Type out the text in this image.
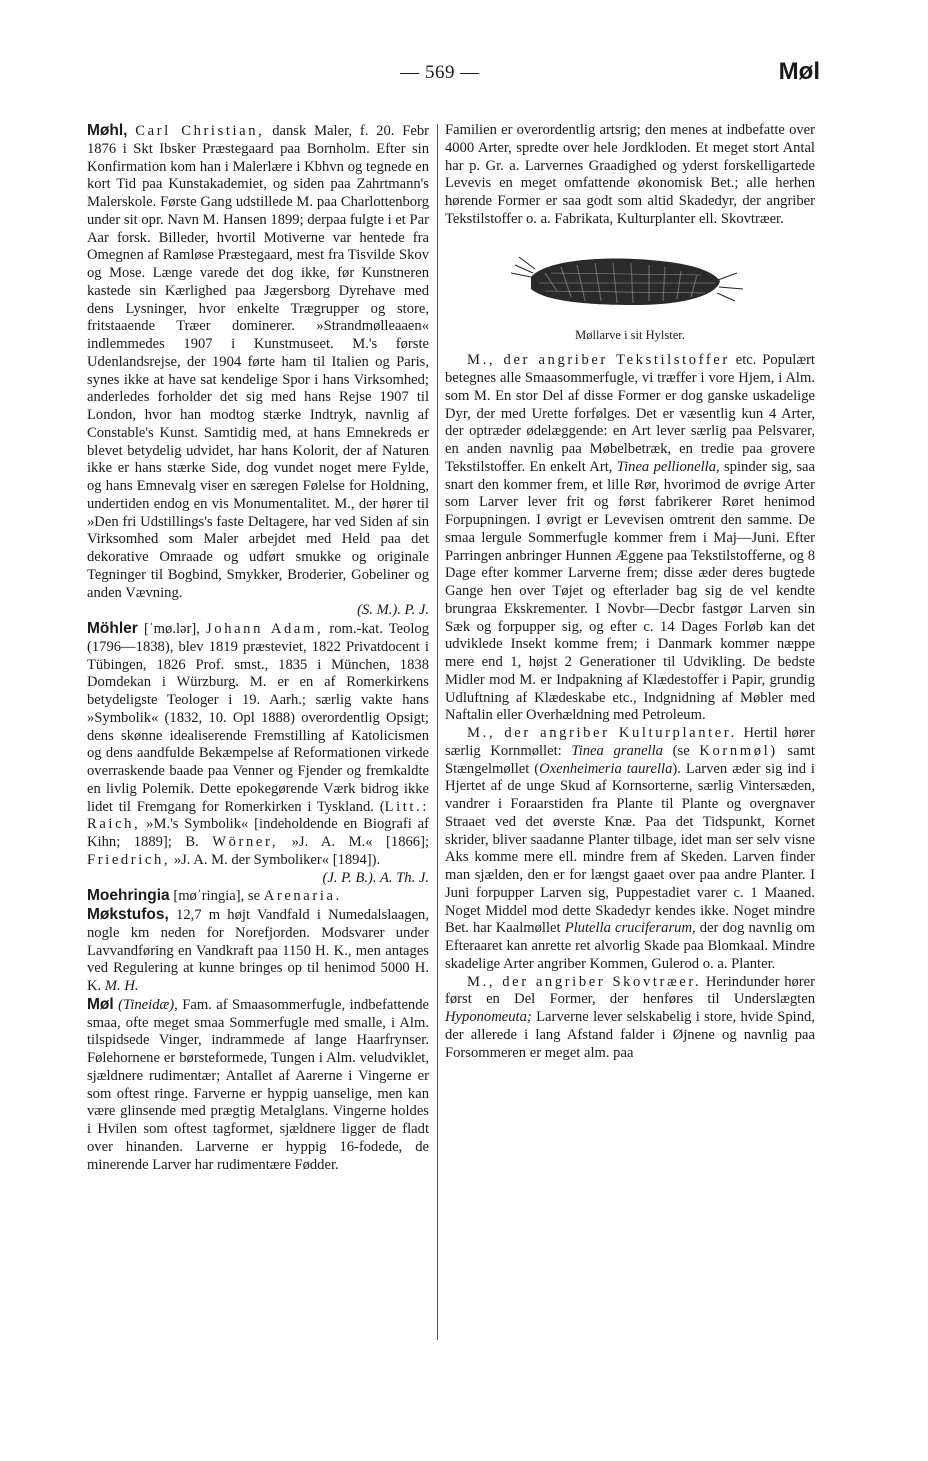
— 569 —	Møl

Møhl, Carl Christian, dansk Maler, f. 20. Febr 1876 i Skt Ibsker Præstegaard paa Bornholm. Efter sin Konfirmation kom han i Malerlære i Kbhvn og tegnede en kort Tid paa Kunstakademiet, og siden paa Zahrtmann's Malerskole. Første Gang udstillede M. paa Charlottenborg under sit opr. Navn M. Hansen 1899; derpaa fulgte i et Par Aar forsk. Billeder, hvortil Motiverne var hentede fra Omegnen af Ramløse Præstegaard, mest fra Tisvilde Skov og Mose. Længe varede det dog ikke, før Kunstneren kastede sin Kærlighed paa Jægersborg Dyrehave med dens Lysninger, hvor enkelte Trægrupper og store, fritstaaende Træer dominerer. »Strandmølleaaen« indlemmedes 1907 i Kunstmuseet. M.'s første Udenlandsrejse, der 1904 førte ham til Italien og Paris, synes ikke at have sat kendelige Spor i hans Virksomhed; anderledes forholder det sig med hans Rejse 1907 til London, hvor han modtog stærke Indtryk, navnlig af Constable's Kunst. Samtidig med, at hans Emnekreds er blevet betydelig udvidet, har hans Kolorit, der af Naturen ikke er hans stærke Side, dog vundet noget mere Fylde, og hans Emnevalg viser en særegen Følelse for Holdning, undertiden endog en vis Monumentalitet. M., der hører til »Den fri Udstillings's faste Deltagere, har ved Siden af sin Virksomhed som Maler arbejdet med Held paa det dekorative Omraade og udført smukke og originale Tegninger til Bogbind, Smykker, Broderier, Gobeliner og anden Vævning.

(S. M.). P. J.

Möhler [ˈmø.lər], Johann Adam, rom.-kat. Teolog (1796—1838), blev 1819 præsteviet, 1822 Privatdocent i Tübingen, 1826 Prof. smst., 1835 i München, 1838 Domdekan i Würzburg. M. er en af Romerkirkens betydeligste Teologer i 19. Aarh.; særlig vakte hans »Symbolik« (1832, 10. Opl 1888) overordentlig Opsigt; dens skønne idealiserende Fremstilling af Katolicismen og dens aandfulde Bekæmpelse af Reformationen virkede overraskende baade paa Venner og Fjender og fremkaldte en livlig Polemik. Dette epokegørende Værk bidrog ikke lidet til Fremgang for Romerkirken i Tyskland. (Litt.: Raich, »M.'s Symbolik« [indeholdende en Biografi af Kihn; 1889]; B. Wörner, »J. A. M.« [1866]; Friedrich, »J. A. M. der Symboliker« [1894]).
(J. P. B.). A. Th. J.

Moehringia [møˈringia], se Arenaria.

Møkstufos, 12,7 m højt Vandfald i Numedalslaagen, nogle km neden for Norefjorden. Modsvarer under Lavvandføring en Vandkraft paa 1150 H. K., men antages ved Regulering at kunne bringes op til henimod 5000 H. K. M. H.

Møl (Tineidæ), Fam. af Smaasommerfugle, indbefattende smaa, ofte meget smaa Sommerfugle med smalle, i Alm. tilspidsede Vinger, indrammede af lange Haarfrynser. Følehornene er børsteformede, Tungen i Alm. veludviklet, sjældnere rudimentær; Antallet af Aarerne i Vingerne er som oftest ringe. Farverne er hyppig uanselige, men kan være glinsende med prægtig Metalglans. Vingerne holdes i Hvilen som oftest tagformet, sjældnere ligger de fladt over hinanden. Larverne er hyppig 16-fodede, de minerende Larver har rudimentære Fødder.

Familien er overordentlig artsrig; den menes at indbefatte over 4000 Arter, spredte over hele Jordkloden. Et meget stort Antal har p. Gr. a. Larvernes Graadighed og yderst forskelligartede Levevis en meget omfattende økonomisk Bet.; alle herhen hørende Former er saa godt som altid Skadedyr, der angriber Tekstilstoffer o. a. Fabrikata, Kulturplanter ell. Skovtræer.

Møllarve i sit Hylster.

M., der angriber Tekstilstoffer etc. Populært betegnes alle Smaasommerfugle, vi træffer i vore Hjem, i Alm. som M. En stor Del af disse Former er dog ganske uskadelige Dyr, der med Urette forfølges. Det er væsentlig kun 4 Arter, der optræder ødelæggende: en Art lever særlig paa Pelsvarer, en anden navnlig paa Møbelbetræk, en tredie paa grovere Tekstilstoffer. En enkelt Art, Tinea pellionella, spinder sig, saa snart den kommer frem, et lille Rør, hvorimod de øvrige Arter som Larver lever frit og først fabrikerer Røret henimod Forpupningen. I øvrigt er Levevisen omtrent den samme. De smaa lergule Sommerfugle kommer frem i Maj—Juni. Efter Parringen anbringer Hunnen Æggene paa Tekstilstofferne, og 8 Dage efter kommer Larverne frem; disse æder deres bugtede Gange hen over Tøjet og efterlader bag sig de vel kendte brungraa Ekskrementer. I Novbr—Decbr fastgør Larven sin Sæk og forpupper sig, og efter c. 14 Dages Forløb kan det udviklede Insekt komme frem; i Danmark kommer næppe mere end 1, højst 2 Generationer til Udvikling. De bedste Midler mod M. er Indpakning af Klædestoffer i Papir, grundig Udluftning af Klædeskabe etc., Indgnidning af Møbler med Naftalin eller Overhældning med Petroleum.

M., der angriber Kulturplanter. Hertil hører særlig Kornmøllet: Tinea granella (se Kornmøl) samt Stængelmøllet (Oxenheimeria taurella). Larven æder sig ind i Hjertet af de unge Skud af Kornsorterne, særlig Vintersæden, vandrer i Foraarstiden fra Plante til Plante og overgnaver Straaet ved det øverste Knæ. Paa det Tidspunkt, Kornet skrider, bliver saadanne Planter tilbage, idet man ser selv visne Aks komme mere ell. mindre frem af Skeden. Larven finder man sjælden, den er for længst gaaet over paa andre Planter. I Juni forpupper Larven sig, Puppestadiet varer c. 1 Maaned. Noget Middel mod dette Skadedyr kendes ikke. Noget mindre Bet. har Kaalmøllet Plutella cruciferarum, der dog navnlig om Efteraaret kan anrette ret alvorlig Skade paa Blomkaal. Mindre skadelige Arter angriber Kommen, Gulerod o. a. Planter.

M., der angriber Skovtræer. Herindunder hører først en Del Former, der henføres til Underslægten Hyponomeuta; Larverne lever selskabelig i store, hvide Spind, der allerede i lang Afstand falder i Øjnene og navnlig paa Forsommeren er meget alm. paa
